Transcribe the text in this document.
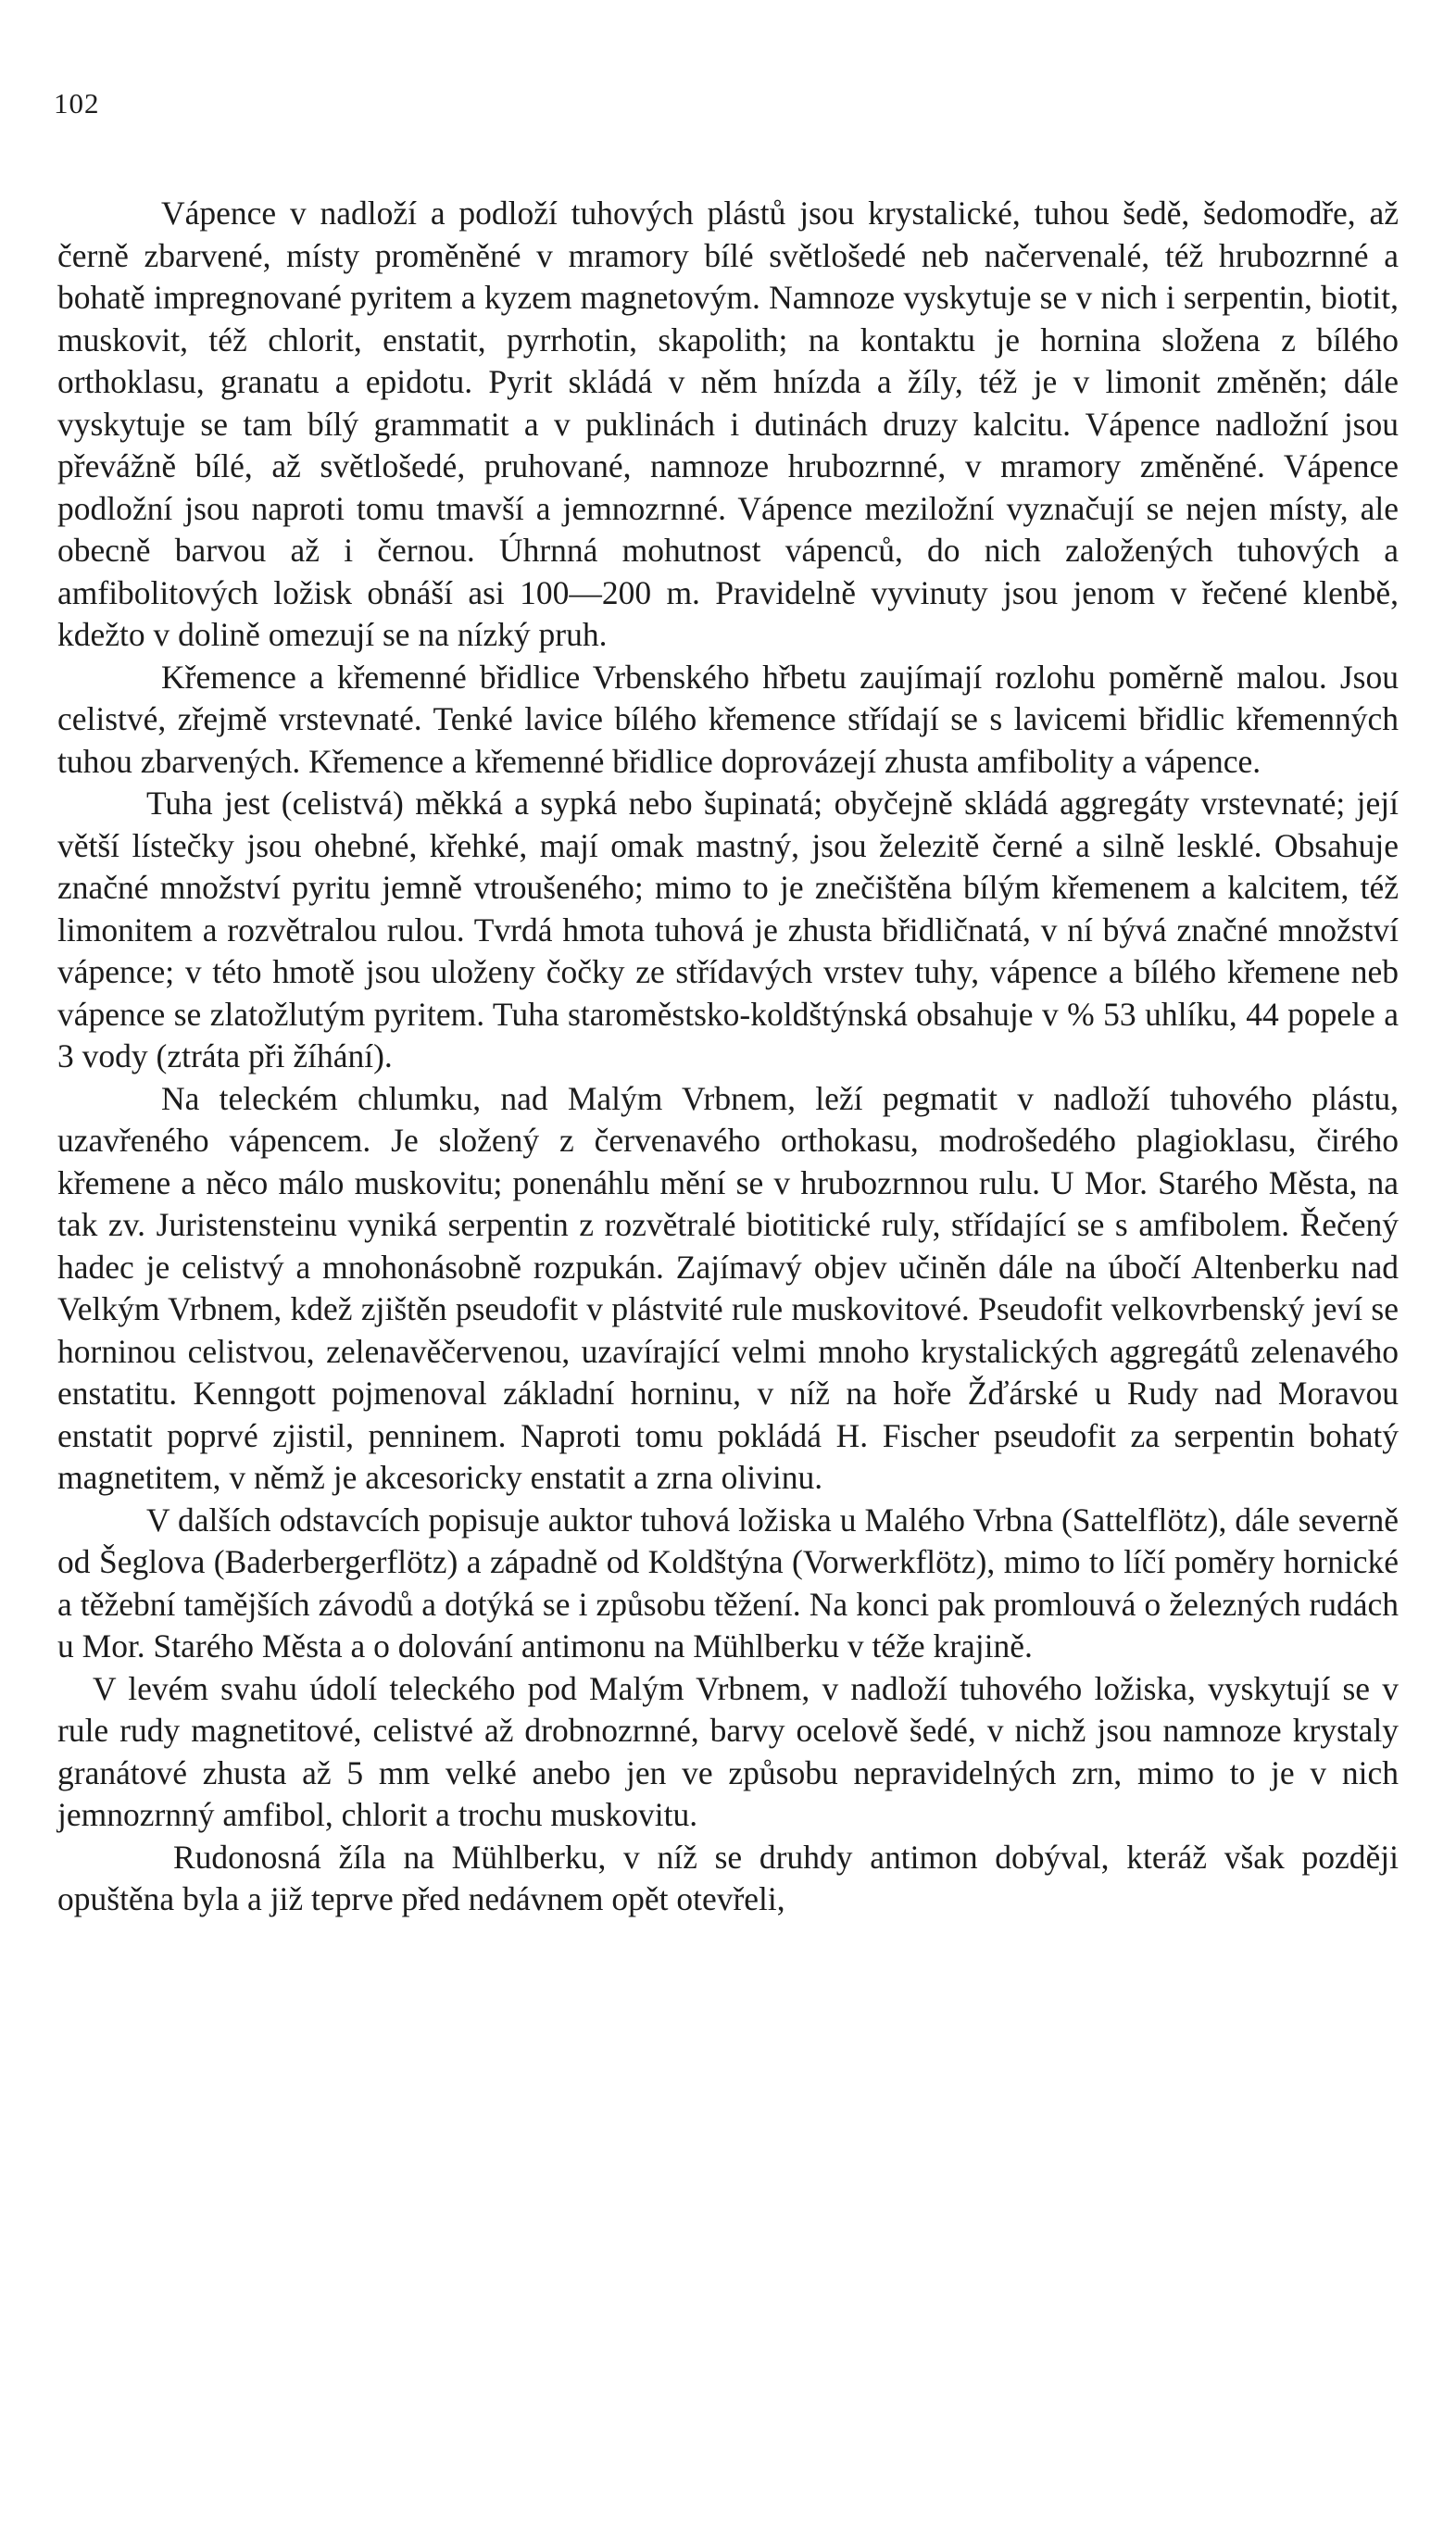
102

Vápence v nadloží a podloží tuhových plástů jsou krystalické, tuhou šedě, šedomodře, až černě zbarvené, místy proměněné v mramory bílé světlošedé neb načervenalé, též hrubozrnné a bohatě impregnované pyritem a kyzem magnetovým. Namnoze vyskytuje se v nich i serpentin, biotit, muskovit, též chlorit, enstatit, pyrrhotin, skapolith; na kontaktu je hornina složena z bílého orthoklasu, granatu a epidotu. Pyrit skládá v něm hnízda a žíly, též je v limonit změněn; dále vyskytuje se tam bílý grammatit a v puklinách i dutinách druzy kalcitu. Vápence nadložní jsou převážně bílé, až světlošedé, pruhované, namnoze hrubozrnné, v mramory změněné. Vápence podložní jsou naproti tomu tmavší a jemnozrnné. Vápence meziložní vyznačují se nejen místy, ale obecně barvou až i černou. Úhrnná mohutnost vápenců, do nich založených tuhových a amfibolitových ložisk obnáší asi 100—200 m. Pravidelně vyvinuty jsou jenom v řečené klenbě, kdežto v dolině omezují se na nízký pruh.

Křemence a křemenné břidlice Vrbenského hřbetu zaujímají rozlohu poměrně malou. Jsou celistvé, zřejmě vrstevnaté. Tenké lavice bílého křemence střídají se s lavicemi břidlic křemenných tuhou zbarvených. Křemence a křemenné břidlice doprovázejí zhusta amfibolity a vápence.

Tuha jest (celistvá) měkká a sypká nebo šupinatá; obyčejně skládá aggregáty vrstevnaté; její větší lístečky jsou ohebné, křehké, mají omak mastný, jsou železitě černé a silně lesklé. Obsahuje značné množství pyritu jemně vtroušeného; mimo to je znečištěna bílým křemenem a kalcitem, též limonitem a rozvětralou rulou. Tvrdá hmota tuhová je zhusta břidličnatá, v ní bývá značné množství vápence; v této hmotě jsou uloženy čočky ze střídavých vrstev tuhy, vápence a bílého křemene neb vápence se zlatožlutým pyritem. Tuha staroměstsko-koldštýnská obsahuje v % 53 uhlíku, 44 popele a 3 vody (ztráta při žíhání).

Na teleckém chlumku, nad Malým Vrbnem, leží pegmatit v nadloží tuhového plástu, uzavřeného vápencem. Je složený z červenavého orthokasu, modrošedého plagioklasu, čirého křemene a něco málo muskovitu; ponenáhlu mění se v hrubozrnnou rulu. U Mor. Starého Města, na tak zv. Juristensteinu vyniká serpentin z rozvětralé biotitické ruly, střídající se s amfibolem. Řečený hadec je celistvý a mnohonásobně rozpukán. Zajímavý objev učiněn dále na úbočí Altenberku nad Velkým Vrbnem, kdež zjištěn pseudofit v plástvité rule muskovitové. Pseudofit velkovrbenský jeví se horninou celistvou, zelenavěčervenou, uzavírající velmi mnoho krystalických aggregátů zelenavého enstatitu. Kenngott pojmenoval základní horninu, v níž na hoře Žďárské u Rudy nad Moravou enstatit poprvé zjistil, penninem. Naproti tomu pokládá H. Fischer pseudofit za serpentin bohatý magnetitem, v němž je akcesoricky enstatit a zrna olivinu.

V dalších odstavcích popisuje auktor tuhová ložiska u Malého Vrbna (Sattelflötz), dále severně od Šeglova (Baderbergerflötz) a západně od Koldštýna (Vorwerkflötz), mimo to líčí poměry hornické a těžební tamějších závodů a dotýká se i způsobu těžení. Na konci pak promlouvá o železných rudách u Mor. Starého Města a o dolování antimonu na Mühlberku v téže krajině.

V levém svahu údolí teleckého pod Malým Vrbnem, v nadloží tuhového ložiska, vyskytují se v rule rudy magnetitové, celistvé až drobnozrnné, barvy ocelově šedé, v nichž jsou namnoze krystaly granátové zhusta až 5 mm velké anebo jen ve způsobu nepravidelných zrn, mimo to je v nich jemnozrnný amfibol, chlorit a trochu muskovitu.

Rudonosná žíla na Mühlberku, v níž se druhdy antimon dobýval, kteráž však později opuštěna byla a již teprve před nedávnem opět otevřeli,
